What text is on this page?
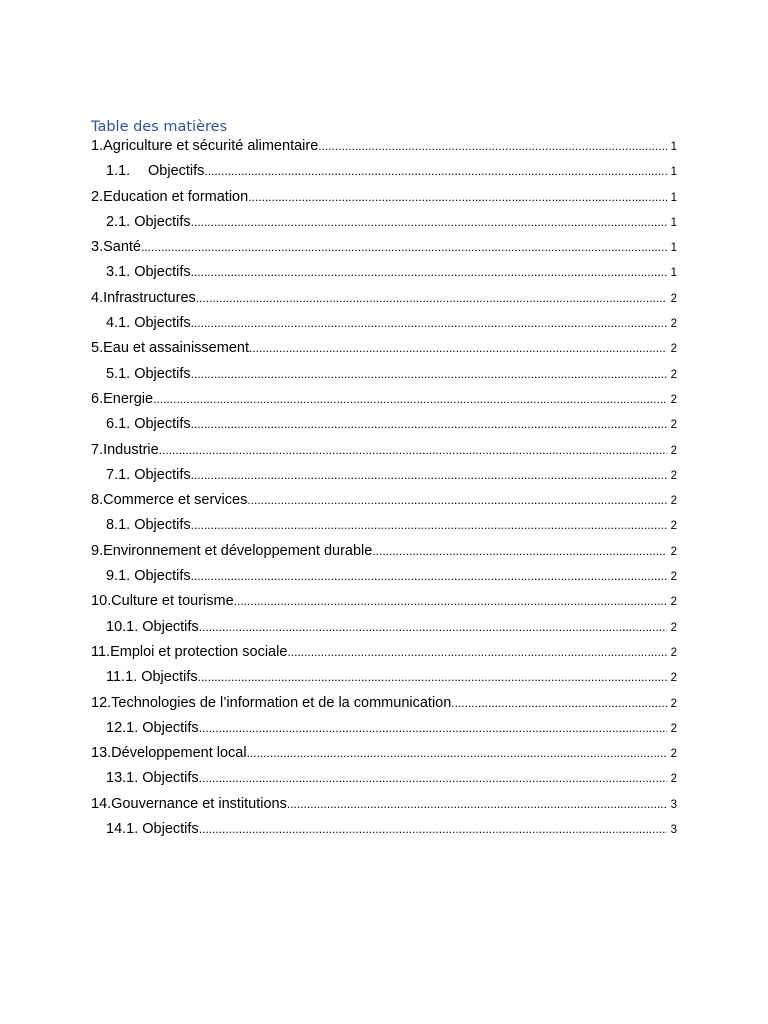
Table des matières
1.Agriculture et sécurité alimentaire .....	1
1.1. Objectifs .....	1
2.Education et formation .....	1
2.1. Objectifs .....	1
3.Santé .....	1
3.1. Objectifs .....	1
4.Infrastructures .....	2
4.1. Objectifs .....	2
5.Eau et assainissement .....	2
5.1. Objectifs .....	2
6.Energie .....	2
6.1. Objectifs .....	2
7.Industrie .....	2
7.1. Objectifs .....	2
8.Commerce et services .....	2
8.1. Objectifs .....	2
9.Environnement et développement durable .....	2
9.1. Objectifs .....	2
10.Culture et tourisme .....	2
10.1. Objectifs .....	2
11.Emploi et protection sociale .....	2
11.1. Objectifs .....	2
12.Technologies de l’information et de la communication .....	2
12.1. Objectifs .....	2
13.Développement local .....	2
13.1. Objectifs .....	2
14.Gouvernance et institutions .....	3
14.1. Objectifs .....	3
